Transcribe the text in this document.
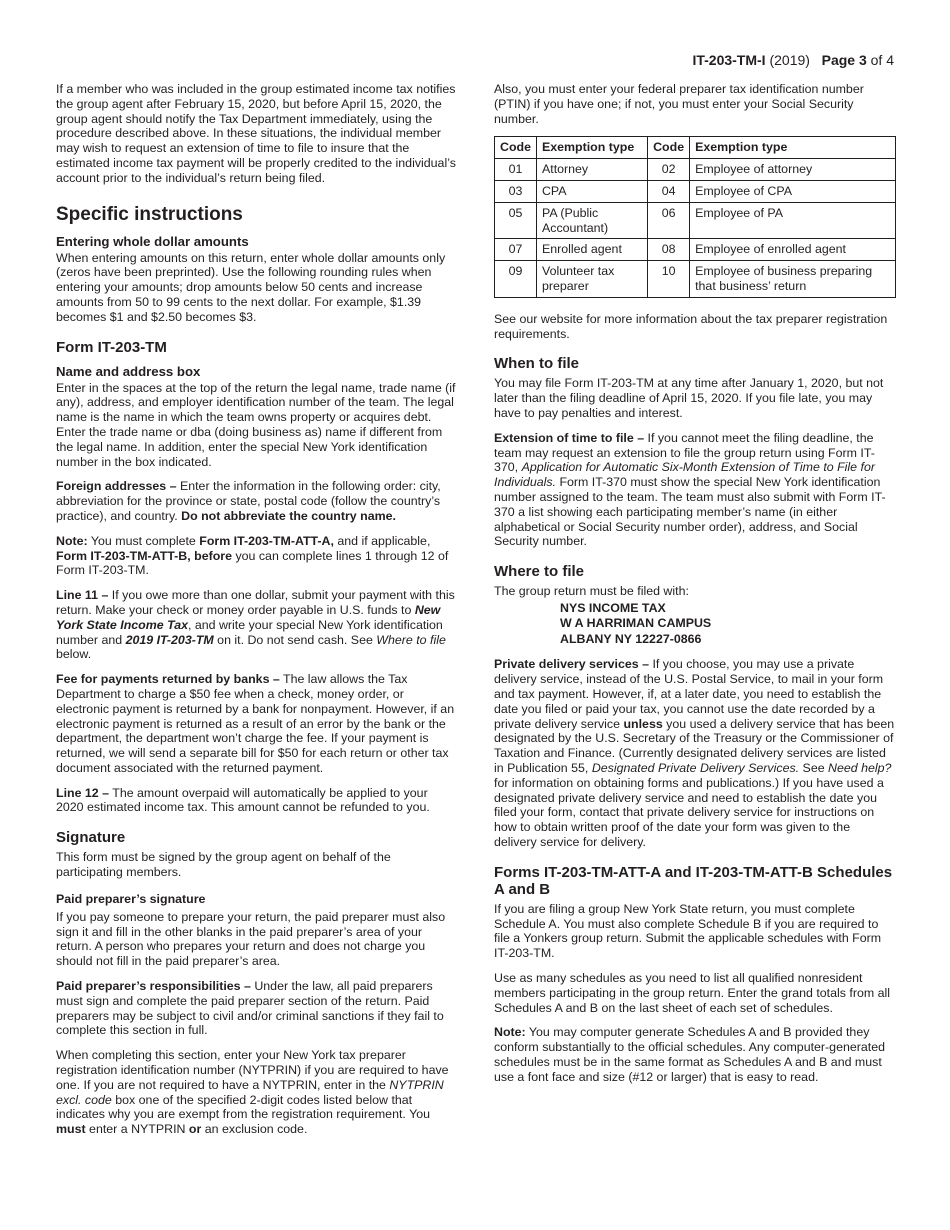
IT-203-TM-I (2019) Page 3 of 4

If a member who was included in the group estimated income tax notifies the group agent after February 15, 2020, but before April 15, 2020, the group agent should notify the Tax Department immediately, using the procedure described above. In these situations, the individual member may wish to request an extension of time to file to insure that the estimated income tax payment will be properly credited to the individual’s account prior to the individual’s return being filed.

Specific instructions
Entering whole dollar amounts

When entering amounts on this return, enter whole dollar amounts only (zeros have been preprinted). Use the following rounding rules when entering your amounts; drop amounts below 50 cents and increase amounts from 50 to 99 cents to the next dollar. For example, $1.39 becomes $1 and $2.50 becomes $3.

Form IT-203-TM
Name and address box

Enter in the spaces at the top of the return the legal name, trade name (if any), address, and employer identification number of the team. The legal name is the name in which the team owns property or acquires debt. Enter the trade name or dba (doing business as) name if different from the legal name. In addition, enter the special New York identification number in the box indicated.

Foreign addresses – Enter the information in the following order: city, abbreviation for the province or state, postal code (follow the country’s practice), and country. Do not abbreviate the country name.

Note: You must complete Form IT-203-TM-ATT-A, and if applicable, Form IT-203-TM-ATT-B, before you can complete lines 1 through 12 of Form IT-203-TM.

Line 11 – If you owe more than one dollar, submit your payment with this return. Make your check or money order payable in U.S. funds to New York State Income Tax, and write your special New York identification number and 2019 IT-203-TM on it. Do not send cash. See Where to file below.

Fee for payments returned by banks – The law allows the Tax Department to charge a $50 fee when a check, money order, or electronic payment is returned by a bank for nonpayment. However, if an electronic payment is returned as a result of an error by the bank or the department, the department won’t charge the fee. If your payment is returned, we will send a separate bill for $50 for each return or other tax document associated with the returned payment.

Line 12 – The amount overpaid will automatically be applied to your 2020 estimated income tax. This amount cannot be refunded to you.

Signature

This form must be signed by the group agent on behalf of the participating members.

Paid preparer’s signature

If you pay someone to prepare your return, the paid preparer must also sign it and fill in the other blanks in the paid preparer’s area of your return. A person who prepares your return and does not charge you should not fill in the paid preparer’s area.

Paid preparer’s responsibilities – Under the law, all paid preparers must sign and complete the paid preparer section of the return. Paid preparers may be subject to civil and/or criminal sanctions if they fail to complete this section in full.

When completing this section, enter your New York tax preparer registration identification number (NYTPRIN) if you are required to have one. If you are not required to have a NYTPRIN, enter in the NYTPRIN excl. code box one of the specified 2-digit codes listed below that indicates why you are exempt from the registration requirement. You must enter a NYTPRIN or an exclusion code.

Also, you must enter your federal preparer tax identification number (PTIN) if you have one; if not, you must enter your Social Security number.

Code	Exemption type	Code	Exemption type
01	Attorney	02	Employee of attorney
03	CPA	04	Employee of CPA
05	PA (Public Accountant)	06	Employee of PA
07	Enrolled agent	08	Employee of enrolled agent
09	Volunteer tax preparer	10	Employee of business preparing that business’ return

See our website for more information about the tax preparer registration requirements.

When to file

You may file Form IT-203-TM at any time after January 1, 2020, but not later than the filing deadline of April 15, 2020. If you file late, you may have to pay penalties and interest.

Extension of time to file – If you cannot meet the filing deadline, the team may request an extension to file the group return using Form IT-370, Application for Automatic Six-Month Extension of Time to File for Individuals. Form IT-370 must show the special New York identification number assigned to the team. The team must also submit with Form IT-370 a list showing each participating member’s name (in either alphabetical or Social Security number order), address, and Social Security number.

Where to file

The group return must be filed with:

NYS INCOME TAX
W A HARRIMAN CAMPUS
ALBANY NY 12227-0866

Private delivery services – If you choose, you may use a private delivery service, instead of the U.S. Postal Service, to mail in your form and tax payment. However, if, at a later date, you need to establish the date you filed or paid your tax, you cannot use the date recorded by a private delivery service unless you used a delivery service that has been designated by the U.S. Secretary of the Treasury or the Commissioner of Taxation and Finance. (Currently designated delivery services are listed in Publication 55, Designated Private Delivery Services. See Need help? for information on obtaining forms and publications.) If you have used a designated private delivery service and need to establish the date you filed your form, contact that private delivery service for instructions on how to obtain written proof of the date your form was given to the delivery service for delivery.

Forms IT-203-TM-ATT-A and IT-203-TM-ATT-B Schedules A and B

If you are filing a group New York State return, you must complete Schedule A. You must also complete Schedule B if you are required to file a Yonkers group return. Submit the applicable schedules with Form IT-203-TM.

Use as many schedules as you need to list all qualified nonresident members participating in the group return. Enter the grand totals from all Schedules A and B on the last sheet of each set of schedules.

Note: You may computer generate Schedules A and B provided they conform substantially to the official schedules. Any computer-generated schedules must be in the same format as Schedules A and B and must use a font face and size (#12 or larger) that is easy to read.
